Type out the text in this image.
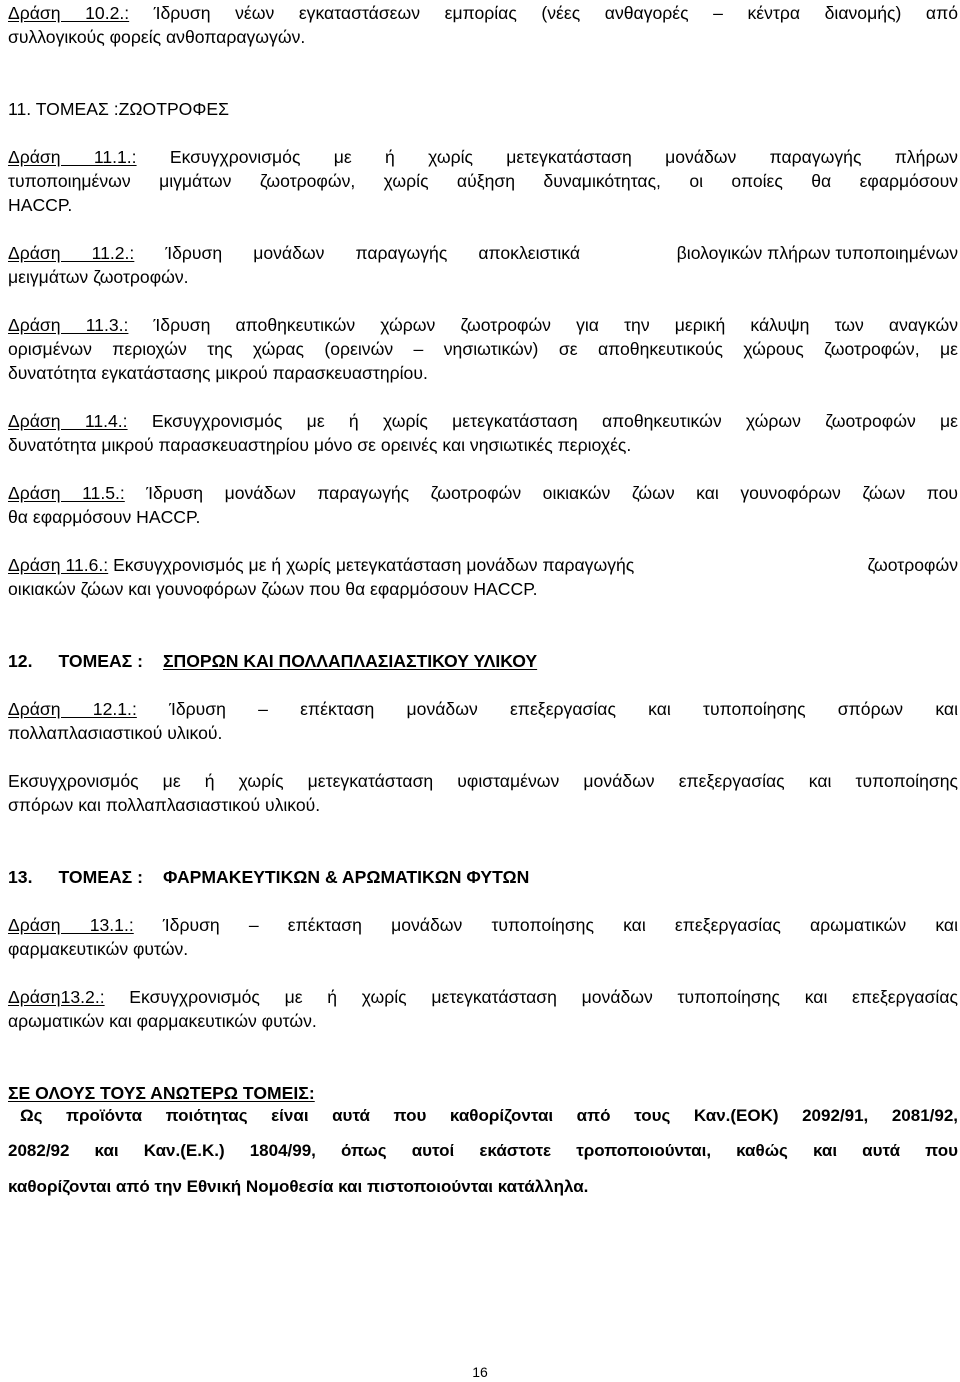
Δράση 10.2.: Ίδρυση νέων εγκαταστάσεων εμπορίας (νέες ανθαγορές – κέντρα διανομής) από
συλλογικούς φορείς ανθοπαραγωγών.
11. ΤΟΜΕΑΣ :ΖΩΟΤΡΟΦΕΣ
Δράση 11.1.: Εκσυγχρονισμός με ή χωρίς μετεγκατάσταση μονάδων παραγωγής πλήρων
τυποποιημένων μιγμάτων ζωοτροφών, χωρίς αύξηση δυναμικότητας, οι οποίες θα εφαρμόσουν
HACCP.
Δράση 11.2.: Ίδρυση μονάδων παραγωγής αποκλειστικά	βιολογικών πλήρων τυποποιημένων
μειγμάτων ζωοτροφών.
Δράση 11.3.: Ίδρυση αποθηκευτικών χώρων ζωοτροφών για την μερική κάλυψη των αναγκών
ορισμένων περιοχών της χώρας (ορεινών – νησιωτικών) σε αποθηκευτικούς χώρους ζωοτροφών, με
δυνατότητα εγκατάστασης μικρού παρασκευαστηρίου.
Δράση 11.4.: Εκσυγχρονισμός με ή χωρίς μετεγκατάσταση αποθηκευτικών χώρων ζωοτροφών με
δυνατότητα μικρού παρασκευαστηρίου μόνο σε ορεινές και νησιωτικές περιοχές.
Δράση 11.5.: Ίδρυση μονάδων παραγωγής ζωοτροφών οικιακών ζώων και γουνοφόρων ζώων που
θα εφαρμόσουν HACCP.
Δράση 11.6.: Εκσυγχρονισμός με ή χωρίς μετεγκατάσταση μονάδων παραγωγής	ζωοτροφών
οικιακών ζώων και γουνοφόρων ζώων που θα εφαρμόσουν HACCP.
12. ΤΟΜΕΑΣ : ΣΠΟΡΩΝ ΚΑΙ ΠΟΛΛΑΠΛΑΣΙΑΣΤΙΚΟΥ ΥΛΙΚΟΥ
Δράση 12.1.: Ίδρυση – επέκταση μονάδων επεξεργασίας και τυποποίησης σπόρων και
πολλαπλασιαστικού υλικού.
Εκσυγχρονισμός με ή χωρίς μετεγκατάσταση υφισταμένων μονάδων επεξεργασίας και τυποποίησης
σπόρων και πολλαπλασιαστικού υλικού.
13. ΤΟΜΕΑΣ : ΦΑΡΜΑΚΕΥΤΙΚΩΝ & ΑΡΩΜΑΤΙΚΩΝ ΦΥΤΩΝ
Δράση 13.1.: Ίδρυση – επέκταση μονάδων τυποποίησης και επεξεργασίας αρωματικών και
φαρμακευτικών φυτών.
Δράση13.2.: Εκσυγχρονισμός με ή χωρίς μετεγκατάσταση μονάδων τυποποίησης και επεξεργασίας
αρωματικών και φαρμακευτικών φυτών.
ΣΕ ΟΛΟΥΣ ΤΟΥΣ ΑΝΩΤΕΡΩ ΤΟΜΕΙΣ:
Ως προϊόντα ποιότητας είναι αυτά που καθορίζονται από τους Καν.(ΕΟΚ) 2092/91, 2081/92,
2082/92 και Καν.(Ε.Κ.) 1804/99, όπως αυτοί εκάστοτε τροποποιούνται, καθώς και αυτά που
καθορίζονται από την Εθνική Νομοθεσία και πιστοποιούνται κατάλληλα.
16
